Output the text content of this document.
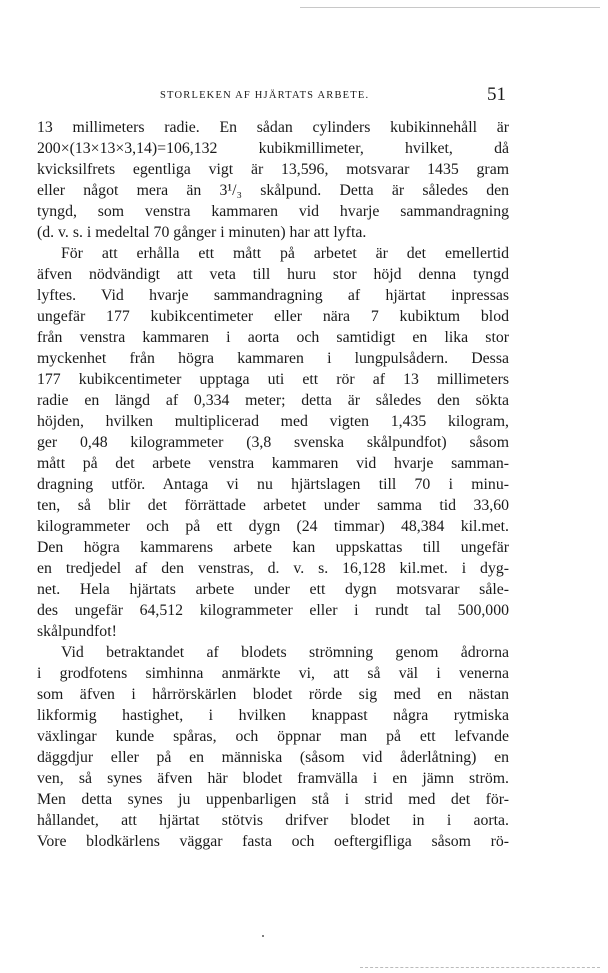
STORLEKEN AF HJÄRTATS ARBETE.	51
13 millimeters radie. En sådan cylinders kubikinnehåll är
200×(13×13×3,14)=106,132 kubikmillimeter, hvilket, då
kvicksilfrets egentliga vigt är 13,596, motsvarar 1435 gram
eller något mera än 3¹/₃ skålpund. Detta är således den
tyngd, som venstra kammaren vid hvarje sammandragning
(d. v. s. i medeltal 70 gånger i minuten) har att lyfta.
För att erhålla ett mått på arbetet är det emellertid
äfven nödvändigt att veta till huru stor höjd denna tyngd
lyftes. Vid hvarje sammandragning af hjärtat inpressas
ungefär 177 kubikcentimeter eller nära 7 kubiktum blod
från venstra kammaren i aorta och samtidigt en lika stor
myckenhet från högra kammaren i lungpulsådern. Dessa
177 kubikcentimeter upptaga uti ett rör af 13 millimeters
radie en längd af 0,334 meter; detta är således den sökta
höjden, hvilken multiplicerad med vigten 1,435 kilogram,
ger 0,48 kilogrammeter (3,8 svenska skålpundfot) såsom
mått på det arbete venstra kammaren vid hvarje samman-
dragning utför. Antaga vi nu hjärtslagen till 70 i minu-
ten, så blir det förrättade arbetet under samma tid 33,60
kilogrammeter och på ett dygn (24 timmar) 48,384 kil.met.
Den högra kammarens arbete kan uppskattas till ungefär
en tredjedel af den venstras, d. v. s. 16,128 kil.met. i dyg-
net. Hela hjärtats arbete under ett dygn motsvarar såle-
des ungefär 64,512 kilogrammeter eller i rundt tal 500,000
skålpundfot!
Vid betraktandet af blodets strömning genom ådrorna
i grodfotens simhinna anmärkte vi, att så väl i venerna
som äfven i hårrörskärlen blodet rörde sig med en nästan
likformig hastighet, i hvilken knappast några rytmiska
växlingar kunde spåras, och öppnar man på ett lefvande
däggdjur eller på en människa (såsom vid åderlåtning) en
ven, så synes äfven här blodet framvälla i en jämn ström.
Men detta synes ju uppenbarligen stå i strid med det för-
hållandet, att hjärtat stötvis drifver blodet in i aorta.
Vore blodkärlens väggar fasta och oeftergifliga såsom rö-
